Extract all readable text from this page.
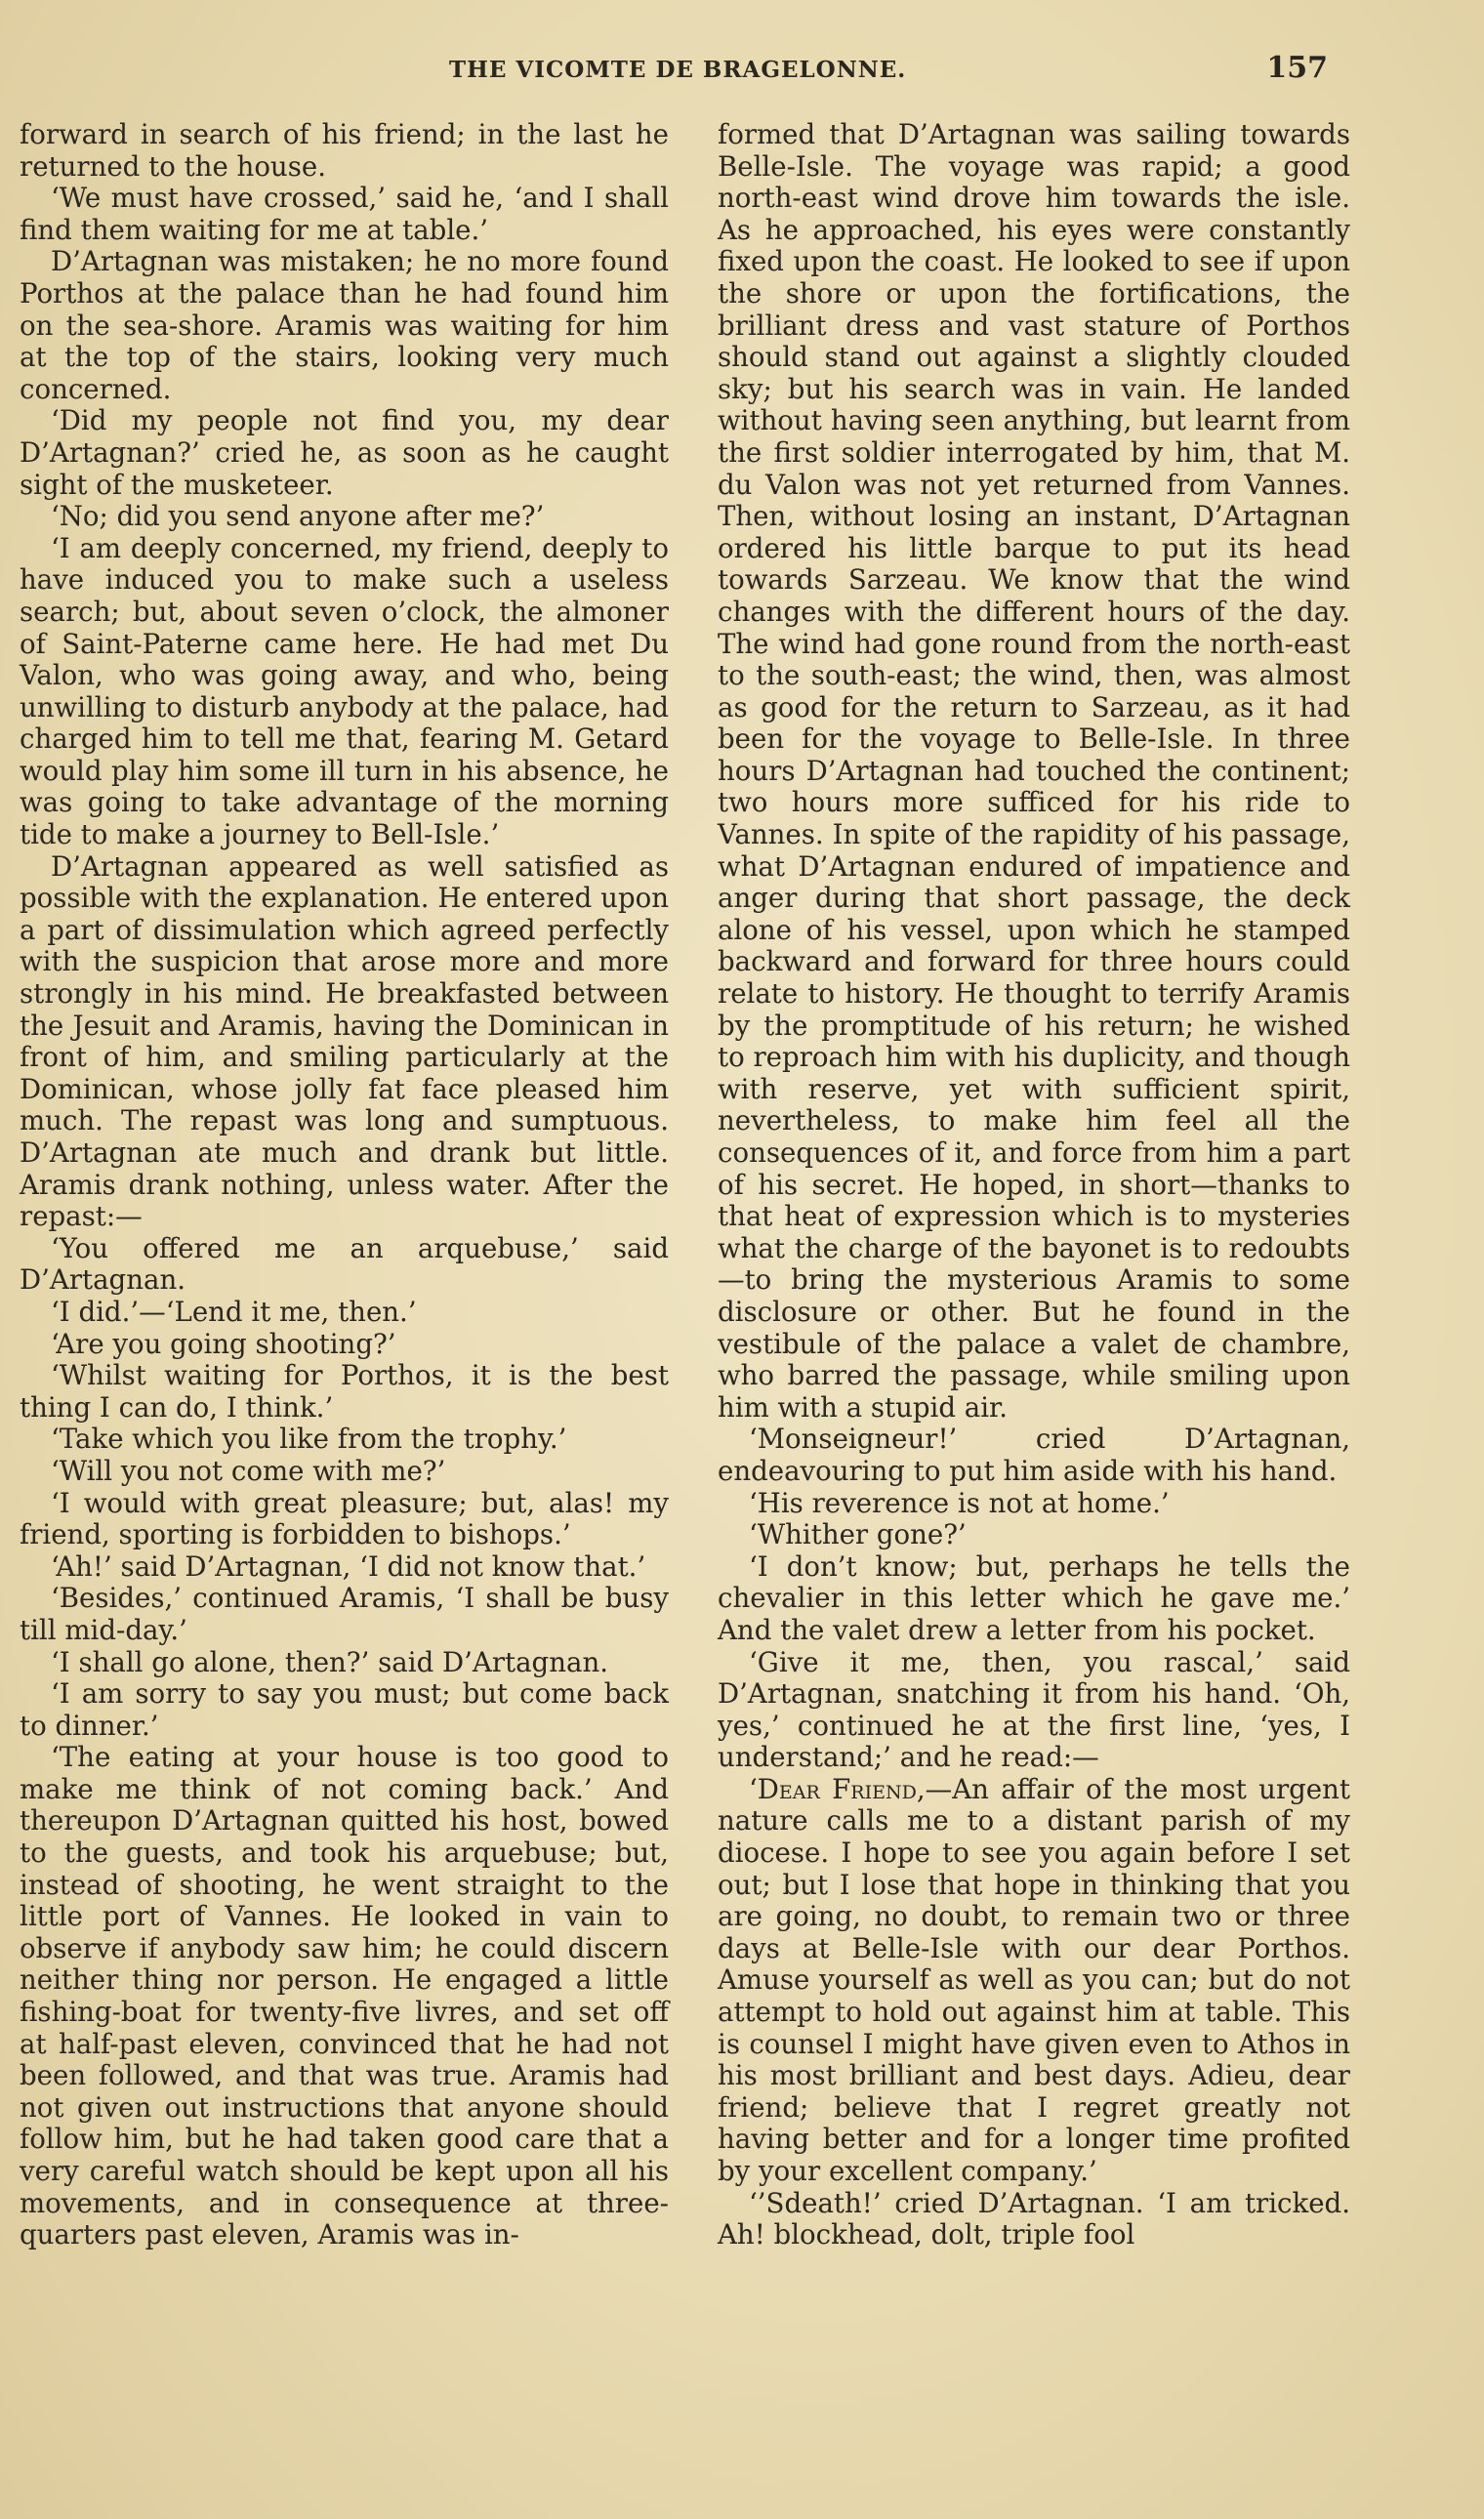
THE VICOMTE DE BRAGELONNE.	157

forward in search of his friend; in the last he returned to the house.

‘We must have crossed,’ said he, ‘and I shall find them waiting for me at table.’

D’Artagnan was mistaken; he no more found Porthos at the palace than he had found him on the sea-shore. Aramis was waiting for him at the top of the stairs, looking very much concerned.

‘Did my people not find you, my dear D’Artagnan?’ cried he, as soon as he caught sight of the musketeer.

‘No; did you send anyone after me?’

‘I am deeply concerned, my friend, deeply to have induced you to make such a useless search; but, about seven o’clock, the almoner of Saint-Paterne came here. He had met Du Valon, who was going away, and who, being unwilling to disturb anybody at the palace, had charged him to tell me that, fearing M. Getard would play him some ill turn in his absence, he was going to take advantage of the morning tide to make a journey to Bell-Isle.’

D’Artagnan appeared as well satisfied as possible with the explanation. He entered upon a part of dissimulation which agreed perfectly with the suspicion that arose more and more strongly in his mind. He breakfasted between the Jesuit and Aramis, having the Dominican in front of him, and smiling particularly at the Dominican, whose jolly fat face pleased him much. The repast was long and sumptuous. D’Artagnan ate much and drank but little. Aramis drank nothing, unless water. After the repast:—

‘You offered me an arquebuse,’ said D’Artagnan.

‘I did.’—‘Lend it me, then.’

‘Are you going shooting?’

‘Whilst waiting for Porthos, it is the best thing I can do, I think.’

‘Take which you like from the trophy.’

‘Will you not come with me?’

‘I would with great pleasure; but, alas! my friend, sporting is forbidden to bishops.’

‘Ah!’ said D’Artagnan, ‘I did not know that.’

‘Besides,’ continued Aramis, ‘I shall be busy till mid-day.’

‘I shall go alone, then?’ said D’Artagnan.

‘I am sorry to say you must; but come back to dinner.’

‘The eating at your house is too good to make me think of not coming back.’ And thereupon D’Artagnan quitted his host, bowed to the guests, and took his arquebuse; but, instead of shooting, he went straight to the little port of Vannes. He looked in vain to observe if anybody saw him; he could discern neither thing nor person. He engaged a little fishing-boat for twenty-five livres, and set off at half-past eleven, convinced that he had not been followed, and that was true. Aramis had not given out instructions that anyone should follow him, but he had taken good care that a very careful watch should be kept upon all his movements, and in consequence at three-quarters past eleven, Aramis was in-

formed that D’Artagnan was sailing towards Belle-Isle. The voyage was rapid; a good north-east wind drove him towards the isle. As he approached, his eyes were constantly fixed upon the coast. He looked to see if upon the shore or upon the fortifications, the brilliant dress and vast stature of Porthos should stand out against a slightly clouded sky; but his search was in vain. He landed without having seen anything, but learnt from the first soldier interrogated by him, that M. du Valon was not yet returned from Vannes. Then, without losing an instant, D’Artagnan ordered his little barque to put its head towards Sarzeau. We know that the wind changes with the different hours of the day. The wind had gone round from the north-east to the south-east; the wind, then, was almost as good for the return to Sarzeau, as it had been for the voyage to Belle-Isle. In three hours D’Artagnan had touched the continent; two hours more sufficed for his ride to Vannes. In spite of the rapidity of his passage, what D’Artagnan endured of impatience and anger during that short passage, the deck alone of his vessel, upon which he stamped backward and forward for three hours could relate to history. He thought to terrify Aramis by the promptitude of his return; he wished to reproach him with his duplicity, and though with reserve, yet with sufficient spirit, nevertheless, to make him feel all the consequences of it, and force from him a part of his secret. He hoped, in short—thanks to that heat of expression which is to mysteries what the charge of the bayonet is to redoubts—to bring the mysterious Aramis to some disclosure or other. But he found in the vestibule of the palace a valet de chambre, who barred the passage, while smiling upon him with a stupid air.

‘Monseigneur!’ cried D’Artagnan, endeavouring to put him aside with his hand.

‘His reverence is not at home.’

‘Whither gone?’

‘I don’t know; but, perhaps he tells the chevalier in this letter which he gave me.’ And the valet drew a letter from his pocket.

‘Give it me, then, you rascal,’ said D’Artagnan, snatching it from his hand. ‘Oh, yes,’ continued he at the first line, ‘yes, I understand;’ and he read:—

‘Dear Friend,—An affair of the most urgent nature calls me to a distant parish of my diocese. I hope to see you again before I set out; but I lose that hope in thinking that you are going, no doubt, to remain two or three days at Belle-Isle with our dear Porthos. Amuse yourself as well as you can; but do not attempt to hold out against him at table. This is counsel I might have given even to Athos in his most brilliant and best days. Adieu, dear friend; believe that I regret greatly not having better and for a longer time profited by your excellent company.’

‘’Sdeath!’ cried D’Artagnan. ‘I am tricked. Ah! blockhead, dolt, triple fool
